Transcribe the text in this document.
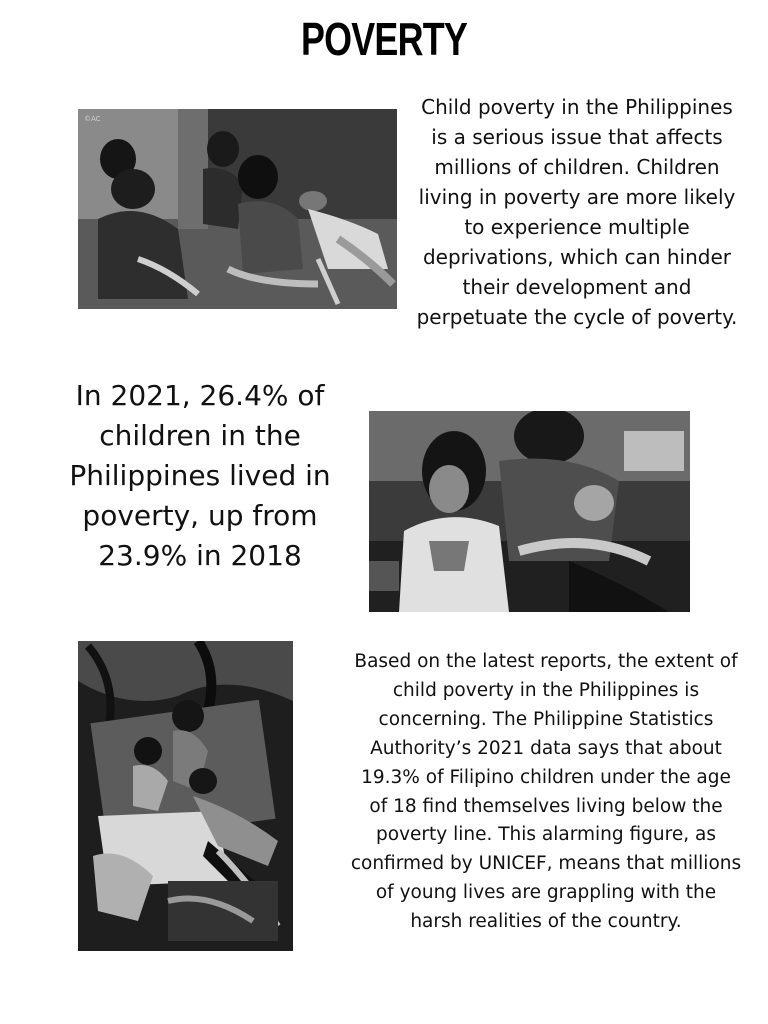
POVERTY
©AC	Child poverty in the Philippines is a serious issue that affects millions of children. Children living in poverty are more likely to experience multiple deprivations, which can hinder their development and perpetuate the cycle of poverty.
In 2021, 26.4% of children in the Philippines lived in poverty, up from 23.9% in 2018
Based on the latest reports, the extent of child poverty in the Philippines is concerning. The Philippine Statistics Authority’s 2021 data says that about 19.3% of Filipino children under the age of 18 find themselves living below the poverty line. This alarming figure, as confirmed by UNICEF, means that millions of young lives are grappling with the harsh realities of the country.
